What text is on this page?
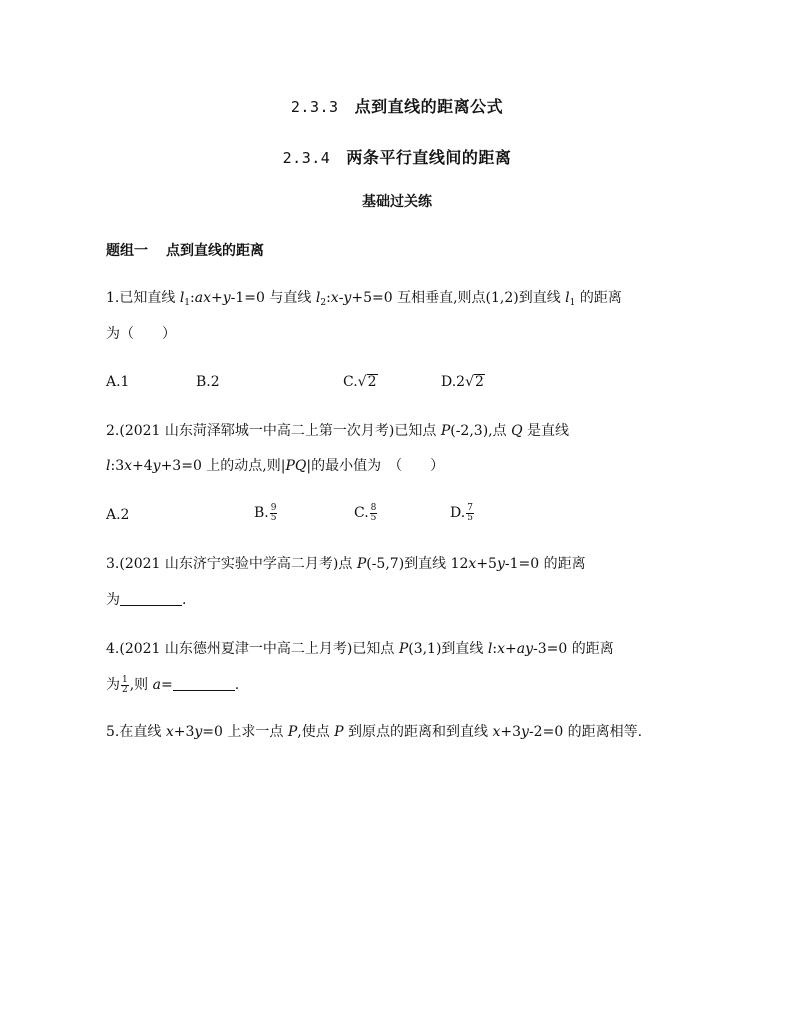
2.3.3 点到直线的距离公式
2.3.4 两条平行直线间的距离
基础过关练
题组一 点到直线的距离
1.已知直线 $l_1:ax+y-1=0$ 与直线 $l_2:x-y+5=0$ 互相垂直,则点(1,2)到直线 $l_1$ 的距离
为（　　）
A.1	B.2	C.√2	D.2√2
2.(2021 山东菏泽郓城一中高二上第一次月考)已知点 P(-2,3),点 Q 是直线
l:3x+4y+3=0 上的动点,则|PQ|的最小值为　（　　）
A.2	B. $\frac{9}{5}$	C. $\frac{8}{5}$	D. $\frac{7}{5}$
3.(2021 山东济宁实验中学高二月考)点 P(-5,7)到直线 12x+5y-1=0 的距离
为	.
4.(2021 山东德州夏津一中高二上月考)已知点 P(3,1)到直线 l:x+ay-3=0 的距离
为 $\frac{1}{2}$ ,则 a=	.
5.在直线 x+3y=0 上求一点 P,使点 P 到原点的距离和到直线 x+3y-2=0 的距离相等.
